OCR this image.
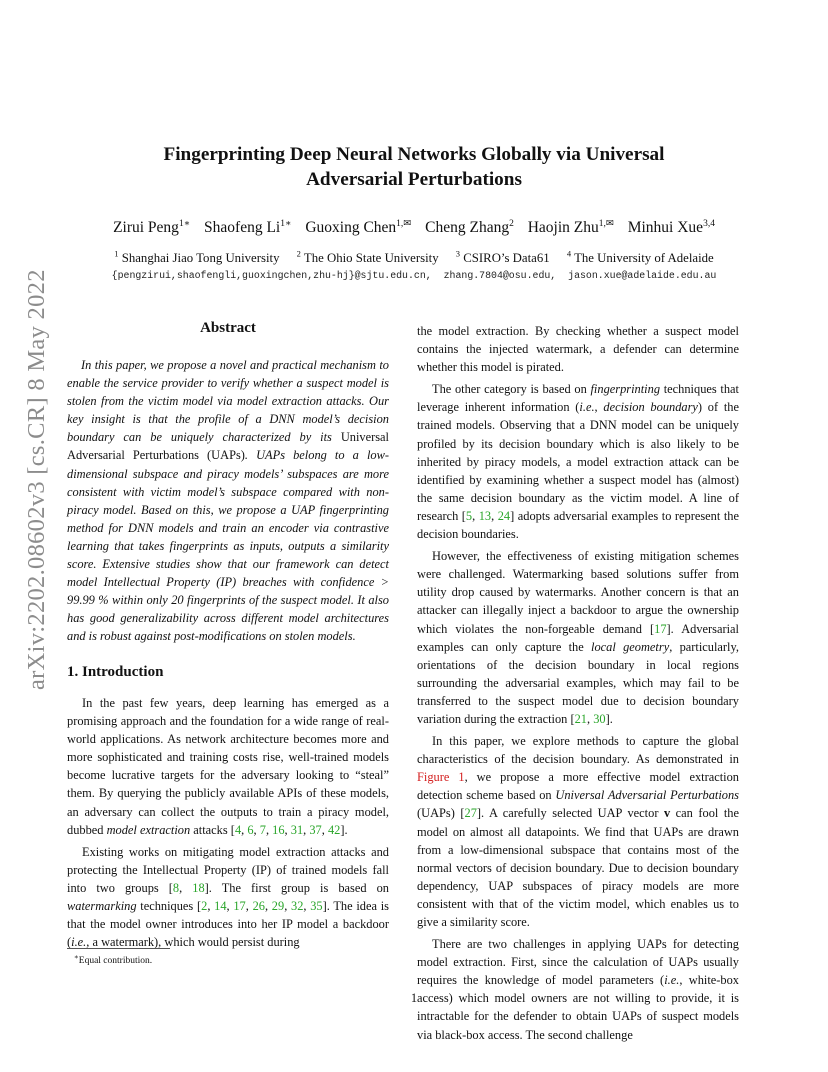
Fingerprinting Deep Neural Networks Globally via Universal
Adversarial Perturbations
Zirui Peng$^{1∗}$ Shaofeng $Li^{1∗}$ Guoxing Chen$^{1,✉}$ Cheng Zhang$^2$ Haojin Zhu$^{1,✉}$ Minhui Xue$^{3,4}$
$^1$ Shanghai Jiao Tong University $^2$ The Ohio State University $^3$ CSIRO’s Data61 $^4$ The University of Adelaide
{pengzirui,shaofengli,guoxingchen,zhu-hj}@sjtu.edu.cn, zhang.7804@osu.edu, jason.xue@adelaide.edu.au
arXiv:2202.08602v3 [cs.CR] 8 May 2022	Abstract
In this paper, we propose a novel and practical mechanism to enable the service provider to verify whether a suspect model is stolen from the victim model via model extraction attacks. Our key insight is that the profile of a DNN model’s decision boundary can be uniquely characterized by its Universal Adversarial Perturbations (UAPs). UAPs belong to a low-dimensional subspace and piracy models’ subspaces are more consistent with victim model’s subspace compared with non-piracy model. Based on this, we propose a UAP fingerprinting method for DNN models and train an encoder via contrastive learning that takes fingerprints as inputs, outputs a similarity score. Extensive studies show that our framework can detect model Intellectual Property (IP) breaches with confidence > 99.99 % within only 20 fingerprints of the suspect model. It also has good generalizability across different model architectures and is robust against post-modifications on stolen models.
1. Introduction

In the past few years, deep learning has emerged as a promising approach and the foundation for a wide range of real-world applications. As network architecture becomes more and more sophisticated and training costs rise, well-trained models become lucrative targets for the adversary looking to “steal” them. By querying the publicly available APIs of these models, an adversary can collect the outputs to train a piracy model, dubbed model extraction attacks [4, 6, 7, 16, 31, 37, 42].

Existing works on mitigating model extraction attacks and protecting the Intellectual Property (IP) of trained models fall into two groups [8, 18]. The first group is based on watermarking techniques [2, 14, 17, 26, 29, 32, 35]. The idea is that the model owner introduces into her IP model a backdoor (i.e., a watermark), which would persist during

the model extraction. By checking whether a suspect model contains the injected watermark, a defender can determine whether this model is pirated.

The other category is based on fingerprinting techniques that leverage inherent information (i.e., decision boundary) of the trained models. Observing that a DNN model can be uniquely profiled by its decision boundary which is also likely to be inherited by piracy models, a model extraction attack can be identified by examining whether a suspect model has (almost) the same decision boundary as the victim model. A line of research [5, 13, 24] adopts adversarial examples to represent the decision boundaries.

However, the effectiveness of existing mitigation schemes were challenged. Watermarking based solutions suffer from utility drop caused by watermarks. Another concern is that an attacker can illegally inject a backdoor to argue the ownership which violates the non-forgeable demand [17]. Adversarial examples can only capture the local geometry, particularly, orientations of the decision boundary in local regions surrounding the adversarial examples, which may fail to be transferred to the suspect model due to decision boundary variation during the extraction [21, 30].

In this paper, we explore methods to capture the global characteristics of the decision boundary. As demonstrated in Figure 1, we propose a more effective model extraction detection scheme based on Universal Adversarial Perturbations (UAPs) [27]. A carefully selected UAP vector v can fool the model on almost all datapoints. We find that UAPs are drawn from a low-dimensional subspace that contains most of the normal vectors of decision boundary. Due to decision boundary dependency, UAP subspaces of piracy models are more consistent with that of the victim model, which enables us to give a similarity score.

There are two challenges in applying UAPs for detecting model extraction. First, since the calculation of UAPs usually requires the knowledge of model parameters (i.e., white-box access) which model owners are not willing to provide, it is intractable for the defender to obtain UAPs of suspect models via black-box access. The second challenge

∗Equal contribution.
1
